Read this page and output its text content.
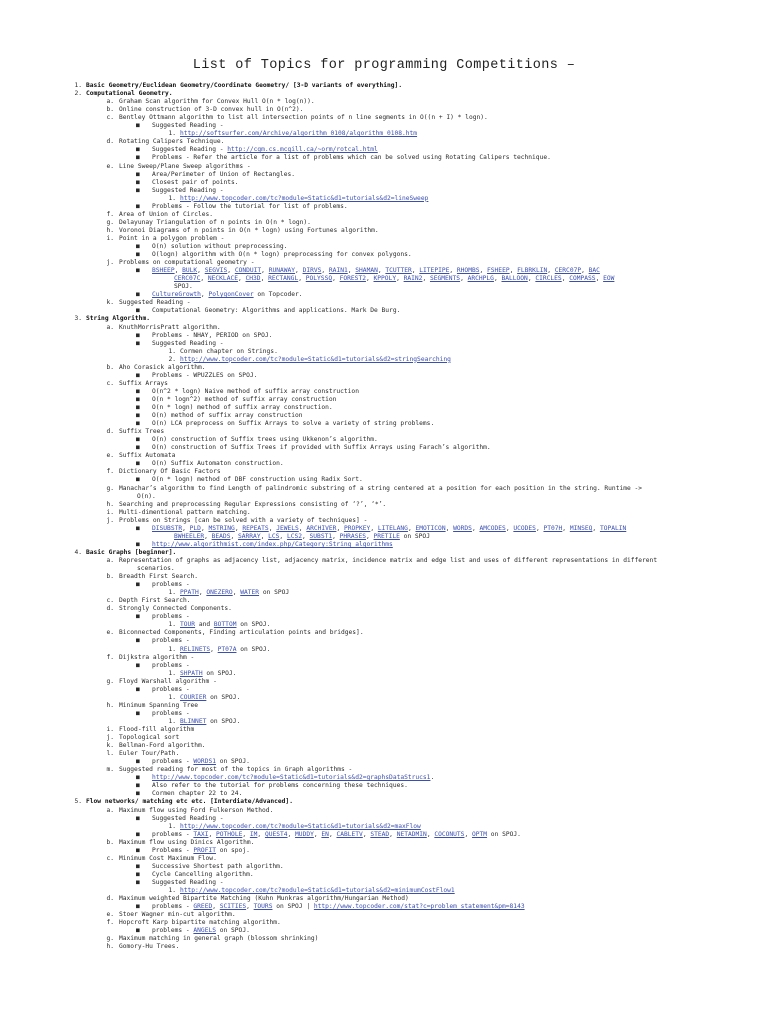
List of Topics for programming Competitions –
1. Basic Geometry/Euclidean Geometry/Coordinate Geometry/ [3-D variants of everything].
2. Computational Geometry.
a. Graham Scan algorithm for Convex Hull O(n * log(n)).
b. Online construction of 3-D convex hull in O(n^2).
c. Bentley Ottmann algorithm to list all intersection points of n line segments in O((n + I) * logn).
■ Suggested Reading -
1. http://softsurfer.com/Archive/algorithm_0108/algorithm_0108.htm
d. Rotating Calipers Technique.
■ Suggested Reading - http://cgm.cs.mcgill.ca/~orm/rotcal.html
■ Problems - Refer the article for a list of problems which can be solved using Rotating Calipers technique.
e. Line Sweep/Plane Sweep algorithms -
■ Area/Perimeter of Union of Rectangles.
■ Closest pair of points.
■ Suggested Reading -
1. http://www.topcoder.com/tc?module=Static&d1=tutorials&d2=lineSweep
■ Problems - Follow the tutorial for list of problems.
f. Area of Union of Circles.
g. Delayunay Triangulation of n points in O(n * logn).
h. Voronoi Diagrams of n points in O(n * logn) using Fortunes algorithm.
i. Point in a polygon problem -
■ O(n) solution without preprocessing.
■ O(logn) algorithm with O(n * logn) preprocessing for convex polygons.
j. Problems on computational geometry -
■ BSHEEP, BULK, SEGVIS, CONDUIT, RUNAWAY, DIRVS, RAIN1, SHAMAN, TCUTTER, LITEPIPE, RHOMBS, FSHEEP, FLBRKLIN, CERC07P, BAC
CERC07C, NECKLACE, CH3D, RECTANGL, POLYSSQ, FOREST2, KPPOLY, RAIN2, SEGMENTS, ARCHPLG, BALLOON, CIRCLES, COMPASS, EOW
SPOJ.
■ CultureGrowth, PolygonCover on Topcoder.
k. Suggested Reading -
■ Computational Geometry: Algorithms and applications. Mark De Burg.
3. String Algorithm.
a. KnuthMorrisPratt algorithm.
■ Problems - NHAY, PERIOD on SPOJ.
■ Suggested Reading -
1. Cormen chapter on Strings.
2. http://www.topcoder.com/tc?module=Static&d1=tutorials&d2=stringSearching
b. Aho Corasick algorithm.
■ Problems - WPUZZLES on SPOJ.
c. Suffix Arrays
■ O(n^2 * logn) Naive method of suffix array construction
■ O(n * logn^2) method of suffix array construction
■ O(n * logn) method of suffix array construction.
■ O(n) method of suffix array construction
■ O(n) LCA preprocess on Suffix Arrays to solve a variety of string problems.
d. Suffix Trees
■ O(n) construction of Suffix trees using Ukkenon’s algorithm.
■ O(n) construction of Suffix Trees if provided with Suffix Arrays using Farach’s algorithm.
e. Suffix Automata
■ O(n) Suffix Automaton construction.
f. Dictionary Of Basic Factors
■ O(n * logn) method of DBF construction using Radix Sort.
g. Manachar’s algorithm to find Length of palindromic substring of a string centered at a position for each position in the string. Runtime ->
O(n).
h. Searching and preprocessing Regular Expressions consisting of ‘?’, ‘*’.
i. Multi-dimentional pattern matching.
j. Problems on Strings [can be solved with a variety of techniques] -
■ DISUBSTR, PLD, MSTRING, REPEATS, JEWELS, ARCHIVER, PROPKEY, LITELANG, EMOTICON, WORDS, AMCODES, UCODES, PT07H, MINSEQ, TOPALIN
BWHEELER, BEADS, SARRAY, LCS, LCS2, SUBST1, PHRASES, PRETILE on SPOJ
■ http://www.algorithmist.com/index.php/Category:String_algorithms
4. Basic Graphs [beginner].
a. Representation of graphs as adjacency list, adjacency matrix, incidence matrix and edge list and uses of different representations in different
scenarios.
b. Breadth First Search.
■ problems -
1. PPATH, ONEZERO, WATER on SPOJ
c. Depth First Search.
d. Strongly Connected Components.
■ problems -
1. TOUR and BOTTOM on SPOJ.
e. Biconnected Components, Finding articulation points and bridges].
■ problems -
1. RELINETS, PT07A on SPOJ.
f. Dijkstra algorithm -
■ problems -
1. SHPATH on SPOJ.
g. Floyd Warshall algorithm -
■ problems -
1. COURIER on SPOJ.
h. Minimum Spanning Tree
■ problems -
1. BLINNET on SPOJ.
i. Flood-fill algorithm
j. Topological sort
k. Bellman-Ford algorithm.
l. Euler Tour/Path.
■ problems - WORDS1 on SPOJ.
m. Suggested reading for most of the topics in Graph algorithms -
■ http://www.topcoder.com/tc?module=Static&d1=tutorials&d2=graphsDataStrucs1.
■ Also refer to the tutorial for problems concerning these techniques.
■ Cormen chapter 22 to 24.
5. Flow networks/ matching etc etc. [Interdiate/Advanced].
a. Maximum flow using Ford Fulkerson Method.
■ Suggested Reading -
1. http://www.topcoder.com/tc?module=Static&d1=tutorials&d2=maxFlow
■ problems - TAXI, POTHOLE, IM, QUEST4, MUDDY, EN, CABLETV, STEAD, NETADMIN, COCONUTS, OPTM on SPOJ.
b. Maximum flow using Dinics Algorithm.
■ Problems - PROFIT on spoj.
c. Minimum Cost Maximum Flow.
■ Successive Shortest path algorithm.
■ Cycle Cancelling algorithm.
■ Suggested Reading -
1. http://www.topcoder.com/tc?module=Static&d1=tutorials&d2=minimumCostFlow1
d. Maximum weighted Bipartite Matching (Kuhn Munkras algorithm/Hungarian Method)
■ problems - GREED, SCITIES, TOURS on SPOJ | http://www.topcoder.com/stat?c=problem_statement&pm=8143
e. Stoer Wagner min-cut algorithm.
f. Hopcroft Karp bipartite matching algorithm.
■ problems - ANGELS on SPOJ.
g. Maximum matching in general graph (blossom shrinking)
h. Gomory-Hu Trees.
